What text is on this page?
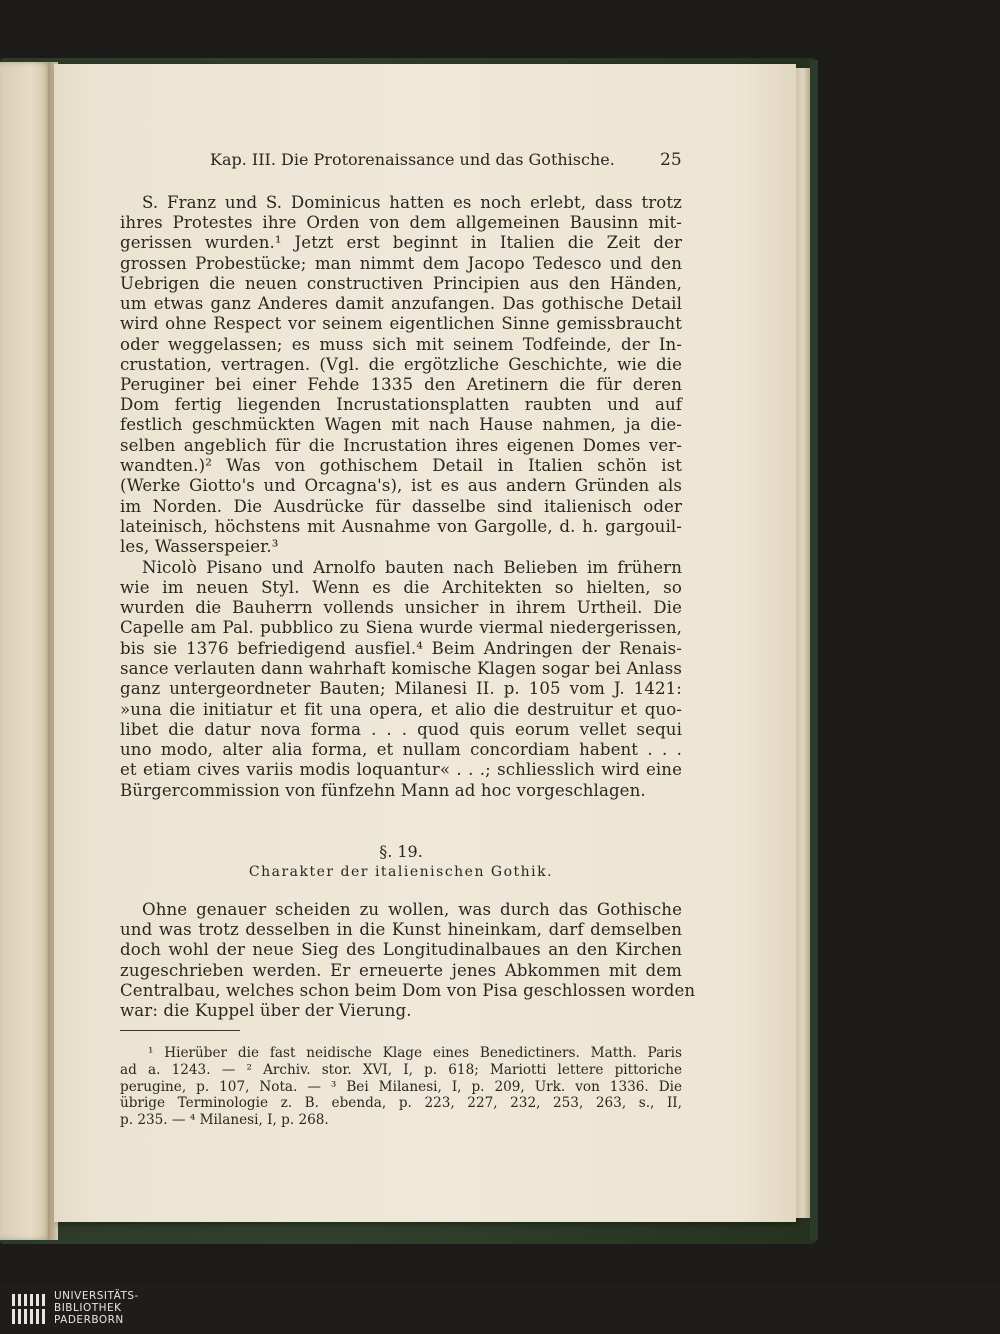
Kap. III. Die Protorenaissance und das Gothische.	25
S. Franz und S. Dominicus hatten es noch erlebt, dass trotz
ihres Protestes ihre Orden von dem allgemeinen Bausinn mit-
gerissen wurden.¹ Jetzt erst beginnt in Italien die Zeit der
grossen Probestücke; man nimmt dem Jacopo Tedesco und den
Uebrigen die neuen constructiven Principien aus den Händen,
um etwas ganz Anderes damit anzufangen. Das gothische Detail
wird ohne Respect vor seinem eigentlichen Sinne gemissbraucht
oder weggelassen; es muss sich mit seinem Todfeinde, der In-
crustation, vertragen. (Vgl. die ergötzliche Geschichte, wie die
Peruginer bei einer Fehde 1335 den Aretinern die für deren
Dom fertig liegenden Incrustationsplatten raubten und auf
festlich geschmückten Wagen mit nach Hause nahmen, ja die-
selben angeblich für die Incrustation ihres eigenen Domes ver-
wandten.)² Was von gothischem Detail in Italien schön ist
(Werke Giotto's und Orcagna's), ist es aus andern Gründen als
im Norden. Die Ausdrücke für dasselbe sind italienisch oder
lateinisch, höchstens mit Ausnahme von Gargolle, d. h. gargouil-
les, Wasserspeier.³
Nicolò Pisano und Arnolfo bauten nach Belieben im frühern
wie im neuen Styl. Wenn es die Architekten so hielten, so
wurden die Bauherrn vollends unsicher in ihrem Urtheil. Die
Capelle am Pal. pubblico zu Siena wurde viermal niedergerissen,
bis sie 1376 befriedigend ausfiel.⁴ Beim Andringen der Renais-
sance verlauten dann wahrhaft komische Klagen sogar bei Anlass
ganz untergeordneter Bauten; Milanesi II. p. 105 vom J. 1421:
»una die initiatur et fit una opera, et alio die destruitur et quo-
libet die datur nova forma . . . quod quis eorum vellet sequi
uno modo, alter alia forma, et nullam concordiam habent . . .
et etiam cives variis modis loquantur« . . .; schliesslich wird eine
Bürgercommission von fünfzehn Mann ad hoc vorgeschlagen.
§. 19.
Charakter der italienischen Gothik.
Ohne genauer scheiden zu wollen, was durch das Gothische
und was trotz desselben in die Kunst hineinkam, darf demselben
doch wohl der neue Sieg des Longitudinalbaues an den Kirchen
zugeschrieben werden. Er erneuerte jenes Abkommen mit dem
Centralbau, welches schon beim Dom von Pisa geschlossen worden
war: die Kuppel über der Vierung.
¹ Hierüber die fast neidische Klage eines Benedictiners. Matth. Paris
ad a. 1243. — ² Archiv. stor. XVI, I, p. 618; Mariotti lettere pittoriche
perugine, p. 107, Nota. — ³ Bei Milanesi, I, p. 209, Urk. von 1336. Die
übrige Terminologie z. B. ebenda, p. 223, 227, 232, 253, 263, s., II,
p. 235. — ⁴ Milanesi, I, p. 268.
UNIVERSITÄTS-
BIBLIOTHEK
PADERBORN
